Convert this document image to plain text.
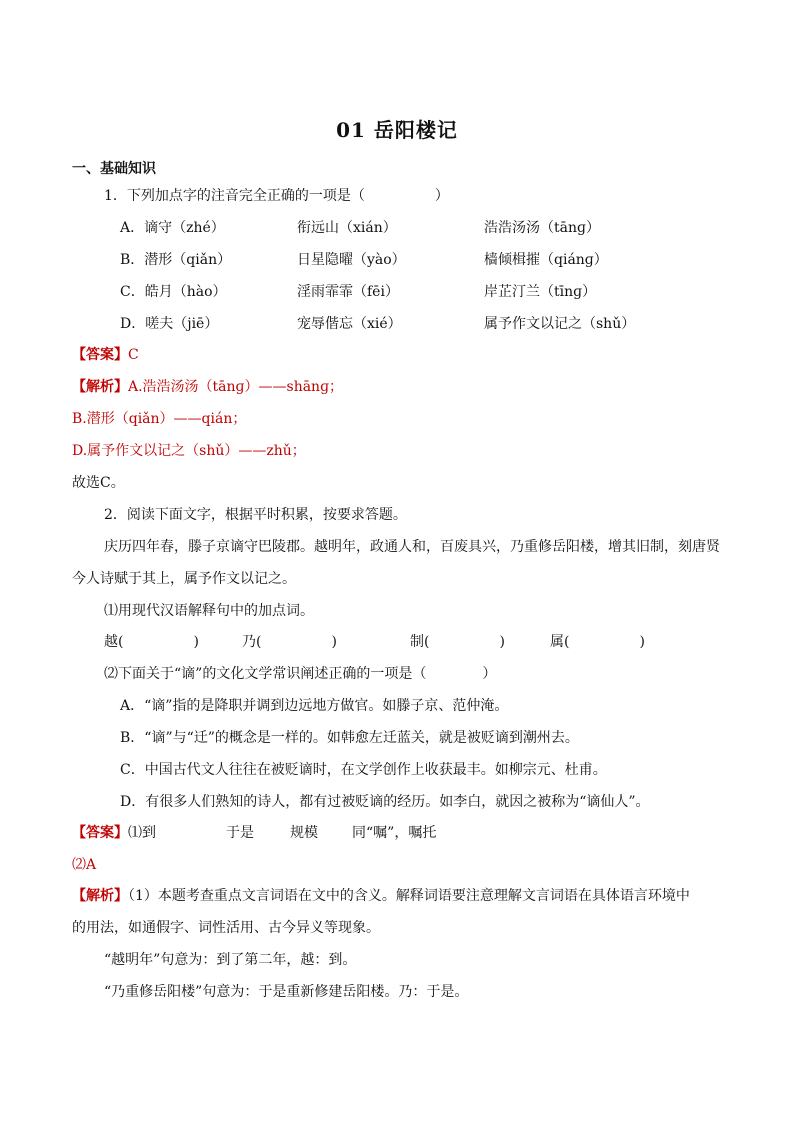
01 岳阳楼记
一、基础知识
1．下列加点字的注音完全正确的一项是（　　　　　）
A．谪守（zhé）	衔远山（xián）	浩浩汤汤（tānɡ）
B．潜形（qiǎn）	日星隐曜（yào）	樯倾楫摧（qiánɡ）
C．皓月（hào）	淫雨霏霏（fēi）	岸芷汀兰（tīnɡ）
D．嗟夫（jiē）	宠辱偕忘（xié）	属予作文以记之（shǔ）
【答案】C
【解析】A.浩浩汤汤（tānɡ）——shānɡ；
B.潜形（qiǎn）——qián；
D.属予作文以记之（shǔ）——zhǔ；
故选C。
2．阅读下面文字，根据平时积累，按要求答题。
庆历四年春，滕子京谪守巴陵郡。越明年，政通人和，百废具兴，乃重修岳阳楼，增其旧制，刻唐贤
今人诗赋于其上，属予作文以记之。
⑴用现代汉语解释句中的加点词。
越(　　　　　)	乃(　　　　　)	制(　　　　　)	属(　　　　　)
⑵下面关于“谪”的文化文学常识阐述正确的一项是（　　　　）
A．“谪”指的是降职并调到边远地方做官。如滕子京、范仲淹。
B．“谪”与“迁”的概念是一样的。如韩愈左迁蓝关，就是被贬谪到潮州去。
C．中国古代文人往往在被贬谪时，在文学创作上收获最丰。如柳宗元、杜甫。
D．有很多人们熟知的诗人，都有过被贬谪的经历。如李白，就因之被称为“谪仙人”。
【答案】⑴到	于是	规模 同“嘱”，嘱托
⑵A
【解析】（1）本题考查重点文言词语在文中的含义。解释词语要注意理解文言词语在具体语言环境中
的用法，如通假字、词性活用、古今异义等现象。
“越明年”句意为：到了第二年，越：到。
“乃重修岳阳楼”句意为：于是重新修建岳阳楼。乃：于是。
